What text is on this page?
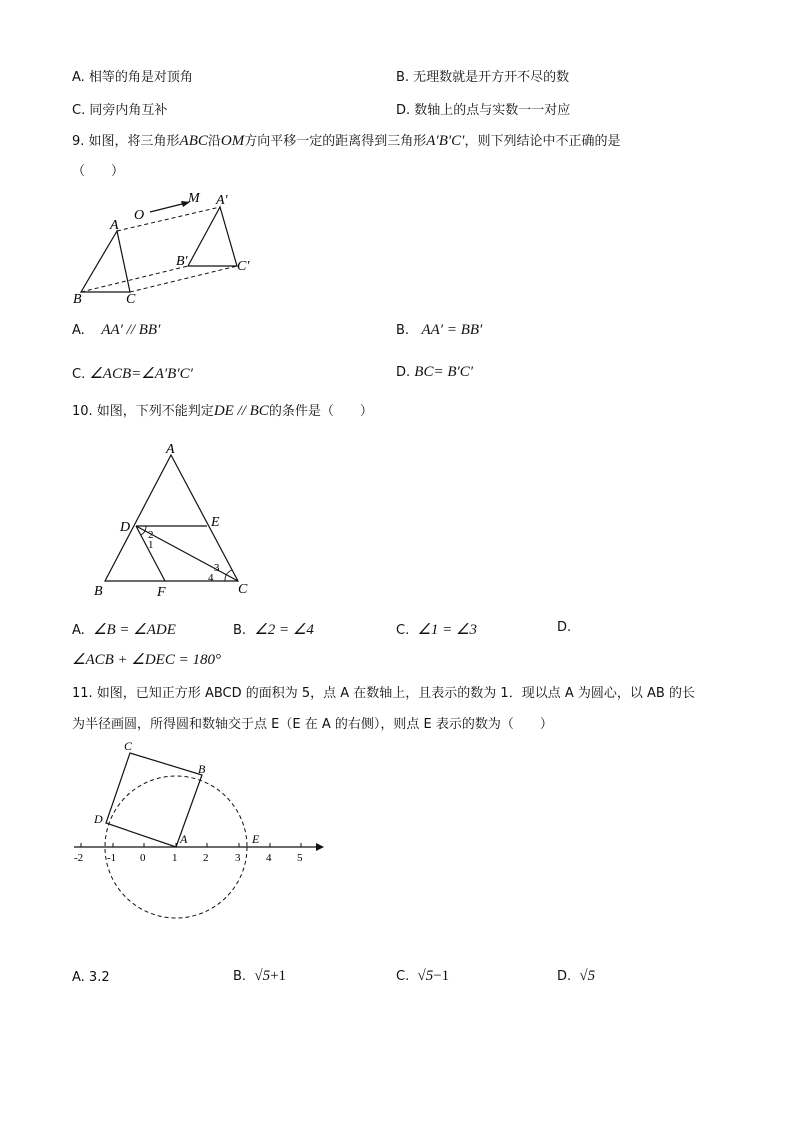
A. 相等的角是对顶角	B. 无理数就是开方开不尽的数
C. 同旁内角互补	D. 数轴上的点与实数一一对应
9. 如图，将三角形ABC沿OM方向平移一定的距离得到三角形A′B′C′，则下列结论中不正确的是
（　　）
O
M
A
B	C
A′
B′	C′
A. AA′ // BB′	B. AA′ = BB′
C. ∠ACB=∠A′B′C′	D. BC= B′C′
10. 如图，下列不能判定DE // BC的条件是（　　）
A
B	C
D	E
F
2
1
3
4
A. ∠B = ∠ADE	B. ∠2 = ∠4	C. ∠1 = ∠3	D.
∠ACB + ∠DEC = 180°
11. 如图，已知正方形 ABCD 的面积为 5，点 A 在数轴上，且表示的数为 1．现以点 A 为圆心，以 AB 的长
为半径画圆，所得圆和数轴交于点 E（E 在 A 的右侧），则点 E 表示的数为（　　）
-2 -1 0 1 2 3 4 5
A
B
C
D
E
A. 3.2	B. √5+1	C. √5−1	D. √5
